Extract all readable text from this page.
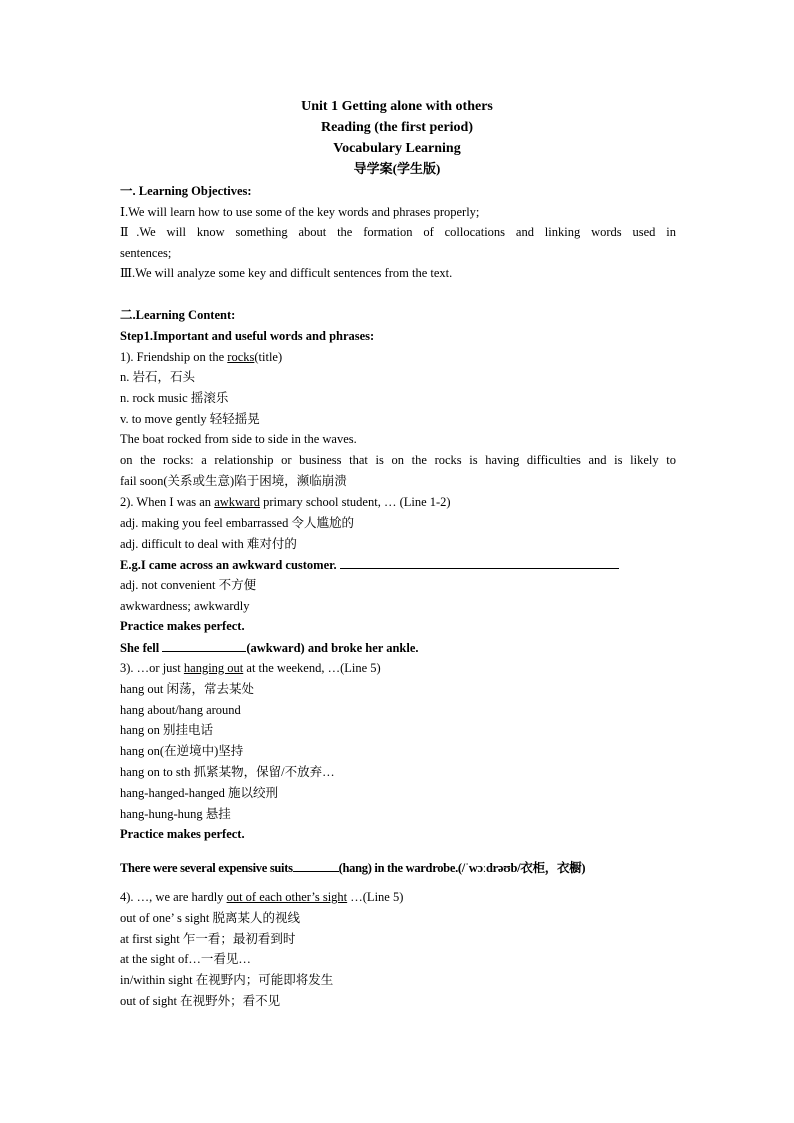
Unit 1 Getting alone with others
Reading (the first period)
Vocabulary Learning
导学案(学生版)
一. Learning Objectives:
Ⅰ.We will learn how to use some of the key words and phrases properly;
Ⅱ.We will know something about the formation of collocations and linking words used in
sentences;
Ⅲ.We will analyze some key and difficult sentences from the text.
二.Learning Content:
Step1.Important and useful words and phrases:
1). Friendship on the rocks(title)
n. 岩石，石头
n. rock music 摇滚乐
v. to move gently 轻轻摇晃
The boat rocked from side to side in the waves.
on the rocks: a relationship or business that is on the rocks is having difficulties and is likely to
fail soon(关系或生意)陷于困境，濒临崩溃
2). When I was an awkward primary school student, … (Line 1-2)
adj. making you feel embarrassed 令人尴尬的
adj. difficult to deal with 难对付的
E.g.I came across an awkward customer.
adj. not convenient 不方便
awkwardness; awkwardly
Practice makes perfect.
She fell	(awkward) and broke her ankle.
3). …or just hanging out at the weekend, …(Line 5)
hang out 闲荡，常去某处
hang about/hang around
hang on 别挂电话
hang on(在逆境中)坚持
hang on to sth 抓紧某物，保留/不放弃…
hang-hanged-hanged 施以绞刑
hang-hung-hung 悬挂
Practice makes perfect.
There were several expensive suits	(hang) in the wardrobe.(/ˈwɔːdrəʊb/衣柜，衣橱)
4). …, we are hardly out of each other’s sight …(Line 5)
out of one’ s sight 脱离某人的视线
at first sight 乍一看；最初看到时
at the sight of…一看见…
in/within sight 在视野内；可能即将发生
out of sight 在视野外；看不见
